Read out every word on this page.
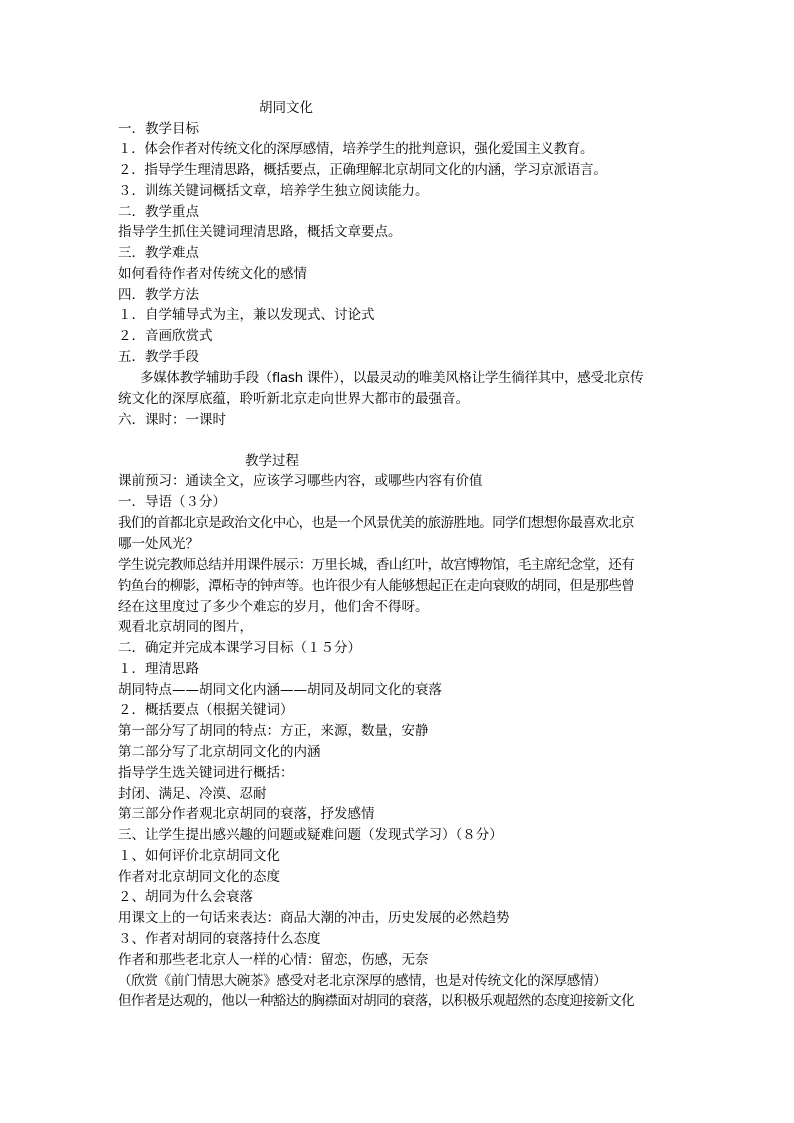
胡同文化
一．教学目标
１．体会作者对传统文化的深厚感情，培养学生的批判意识，强化爱国主义教育。
２．指导学生理清思路，概括要点，正确理解北京胡同文化的内涵，学习京派语言。
３．训练关键词概括文章，培养学生独立阅读能力。
二．教学重点
指导学生抓住关键词理清思路，概括文章要点。
三．教学难点
如何看待作者对传统文化的感情
四．教学方法
１．自学辅导式为主，兼以发现式、讨论式
２．音画欣赏式
五．教学手段
多媒体教学辅助手段（flash 课件），以最灵动的唯美风格让学生徜徉其中，感受北京传
统文化的深厚底蕴，聆听新北京走向世界大都市的最强音。
六．课时：一课时
教学过程
课前预习：通读全文，应该学习哪些内容，或哪些内容有价值
一．导语（３分）
我们的首都北京是政治文化中心，也是一个风景优美的旅游胜地。同学们想想你最喜欢北京
哪一处风光？
学生说完教师总结并用课件展示：万里长城，香山红叶，故宫博物馆，毛主席纪念堂，还有
钓鱼台的柳影，潭柘寺的钟声等。也许很少有人能够想起正在走向衰败的胡同，但是那些曾
经在这里度过了多少个难忘的岁月，他们舍不得呀。
观看北京胡同的图片，
二．确定并完成本课学习目标（１５分）
１．理清思路
胡同特点——胡同文化内涵——胡同及胡同文化的衰落
２．概括要点（根据关键词）
第一部分写了胡同的特点：方正，来源，数量，安静
第二部分写了北京胡同文化的内涵
指导学生选关键词进行概括：
封闭、满足、冷漠、忍耐
第三部分作者观北京胡同的衰落，抒发感情
三、让学生提出感兴趣的问题或疑难问题（发现式学习）（８分）
１、如何评价北京胡同文化
作者对北京胡同文化的态度
２、胡同为什么会衰落
用课文上的一句话来表达：商品大潮的冲击，历史发展的必然趋势
３、作者对胡同的衰落持什么态度
作者和那些老北京人一样的心情：留恋，伤感，无奈
（欣赏《前门情思大碗茶》感受对老北京深厚的感情，也是对传统文化的深厚感情）
但作者是达观的，他以一种豁达的胸襟面对胡同的衰落，以积极乐观超然的态度迎接新文化
